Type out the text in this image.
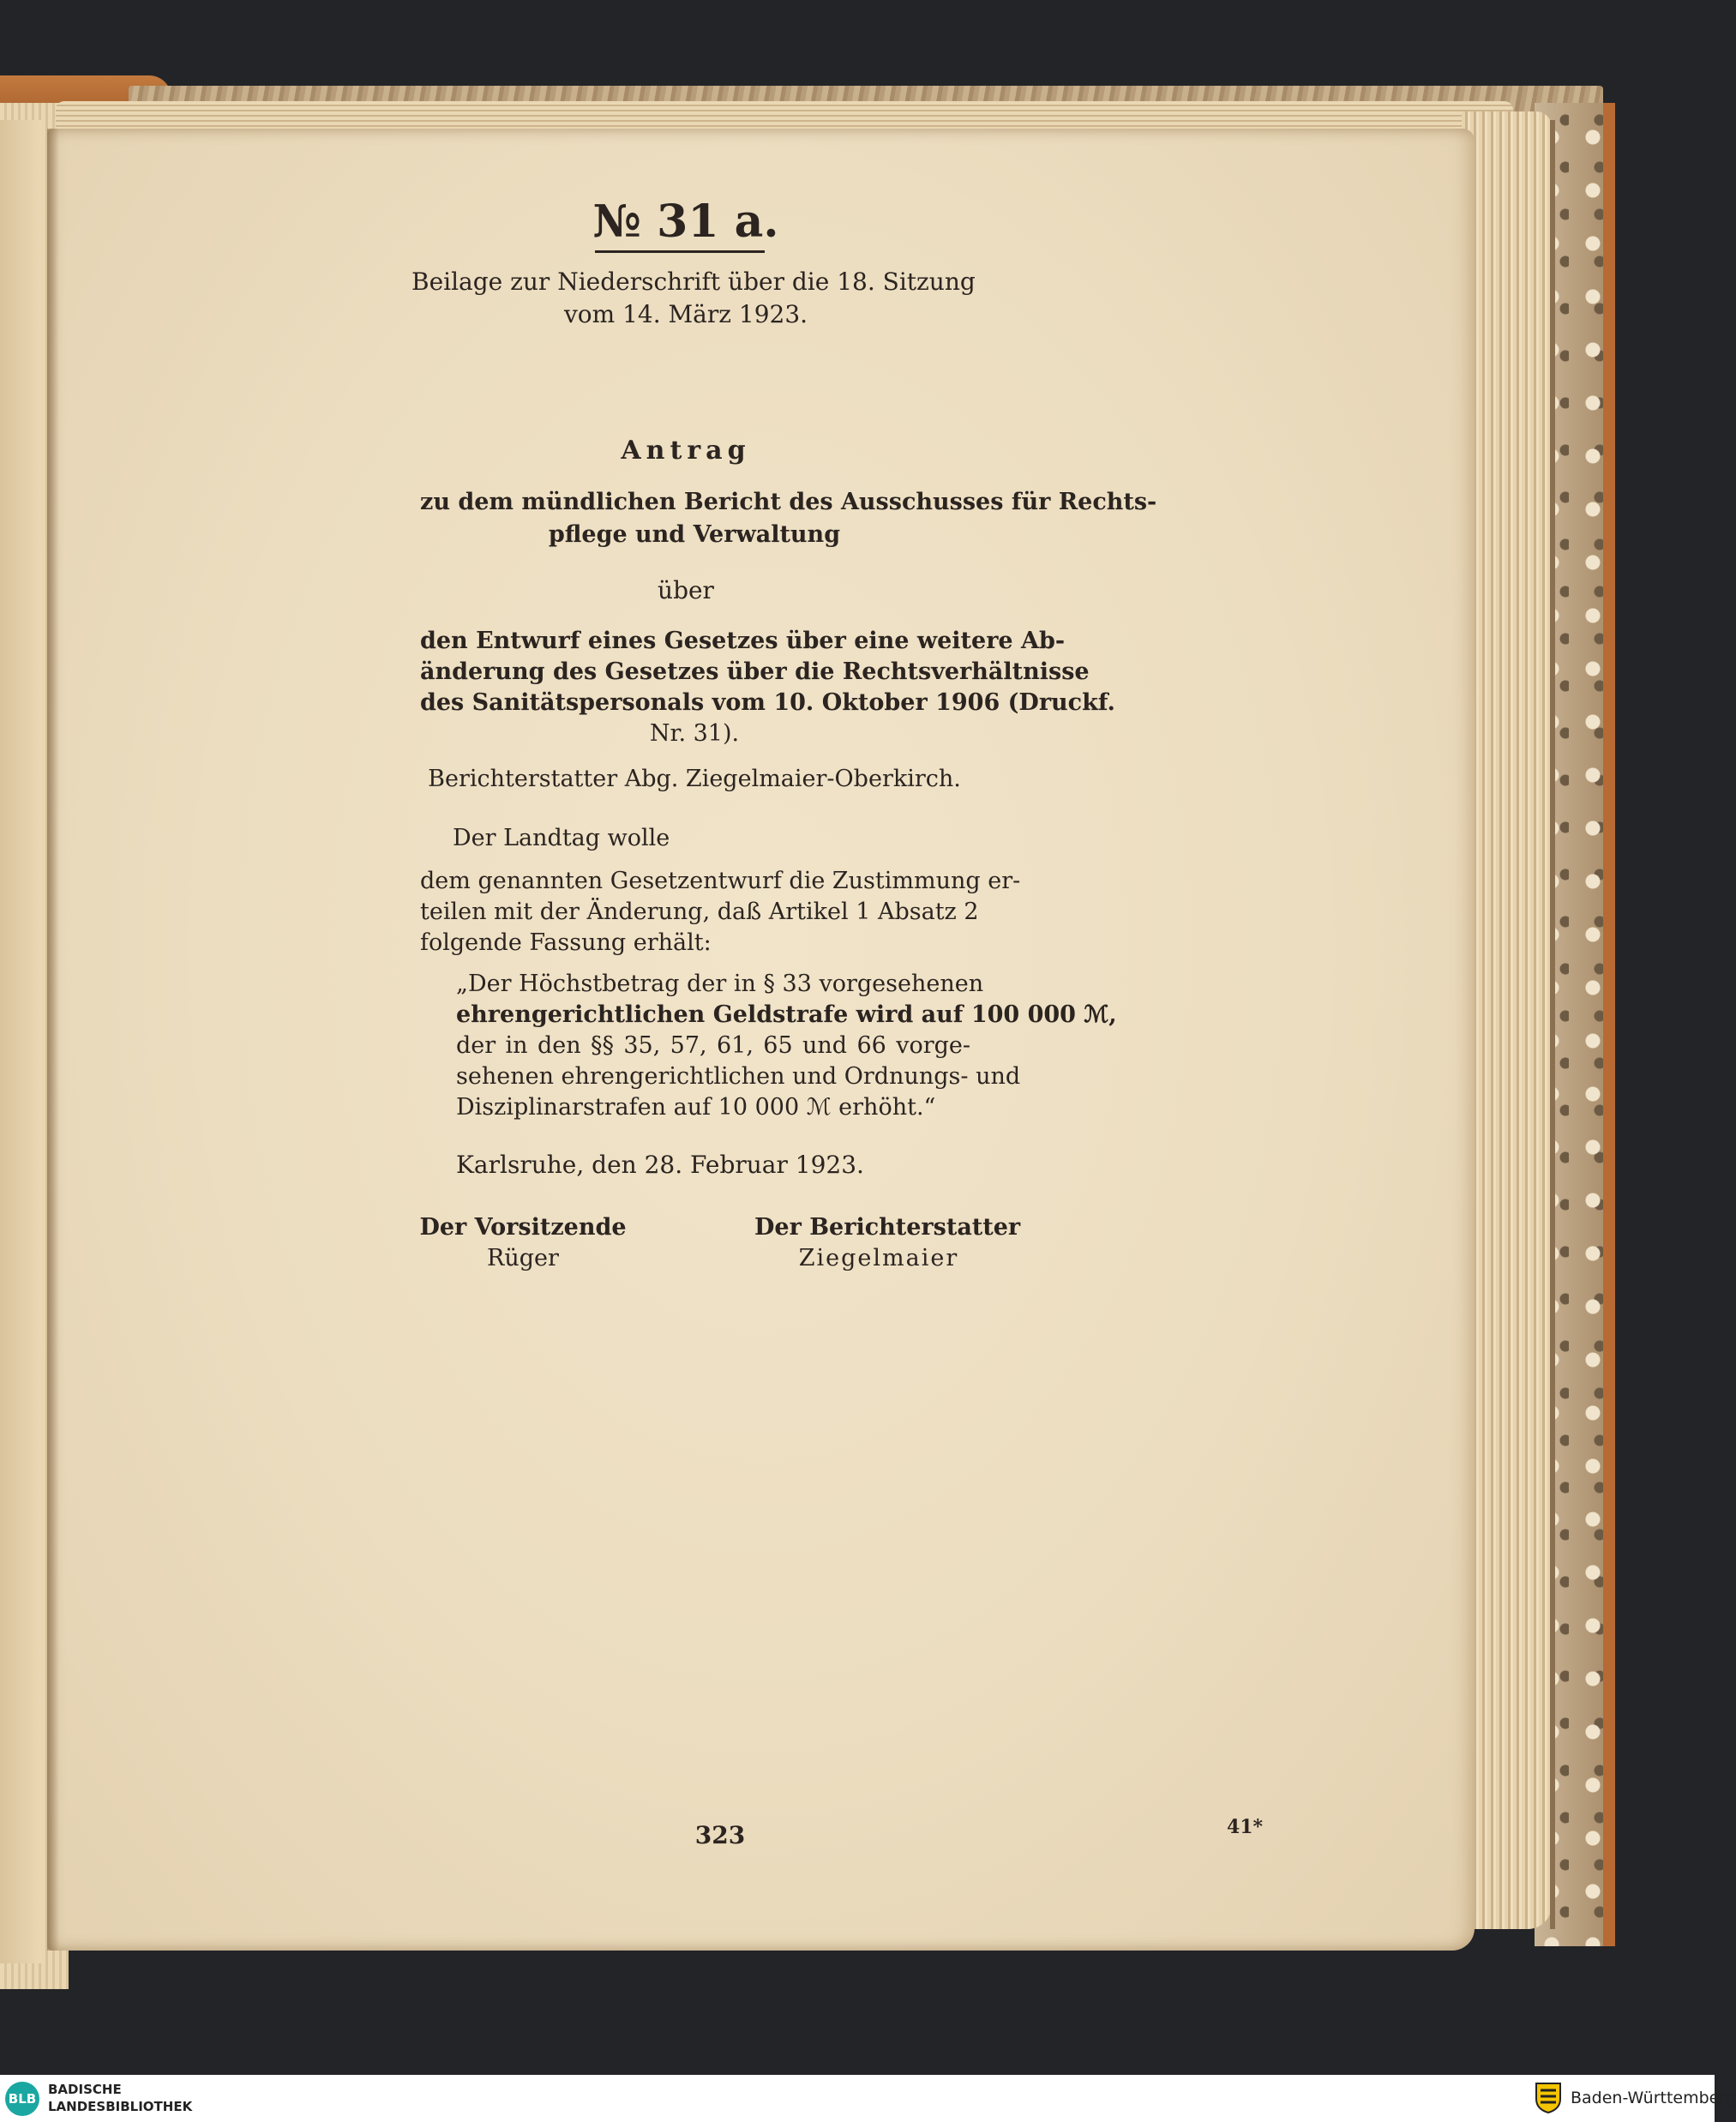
№ 31 a.
Beilage zur Niederschrift über die 18. Sitzung
vom 14. März 1923.
Antrag
zu dem mündlichen Bericht des Ausschusses für Rechts-
pflege und Verwaltung
über
den Entwurf eines Gesetzes über eine weitere Ab-
änderung des Gesetzes über die Rechtsverhältnisse
des Sanitätspersonals vom 10. Oktober 1906 (Druckf.
Nr. 31).
Berichterstatter Abg. Ziegelmaier-Oberkirch.
Der Landtag wolle
dem genannten Gesetzentwurf die Zustimmung er-
teilen mit der Änderung, daß Artikel 1 Absatz 2
folgende Fassung erhält:
„Der Höchstbetrag der in § 33 vorgesehenen
ehrengerichtlichen Geldstrafe wird auf 100 000 ℳ,
der in den §§ 35, 57, 61, 65 und 66 vorge-
sehenen ehrengerichtlichen und Ordnungs- und
Disziplinarstrafen auf 10 000 ℳ erhöht.“
Karlsruhe, den 28. Februar 1923.
Der Vorsitzende
Rüger
Der Berichterstatter
Ziegelmaier
323	41*
BLB
BADISCHE
LANDESBIBLIOTHEK	Baden-Württemberg
